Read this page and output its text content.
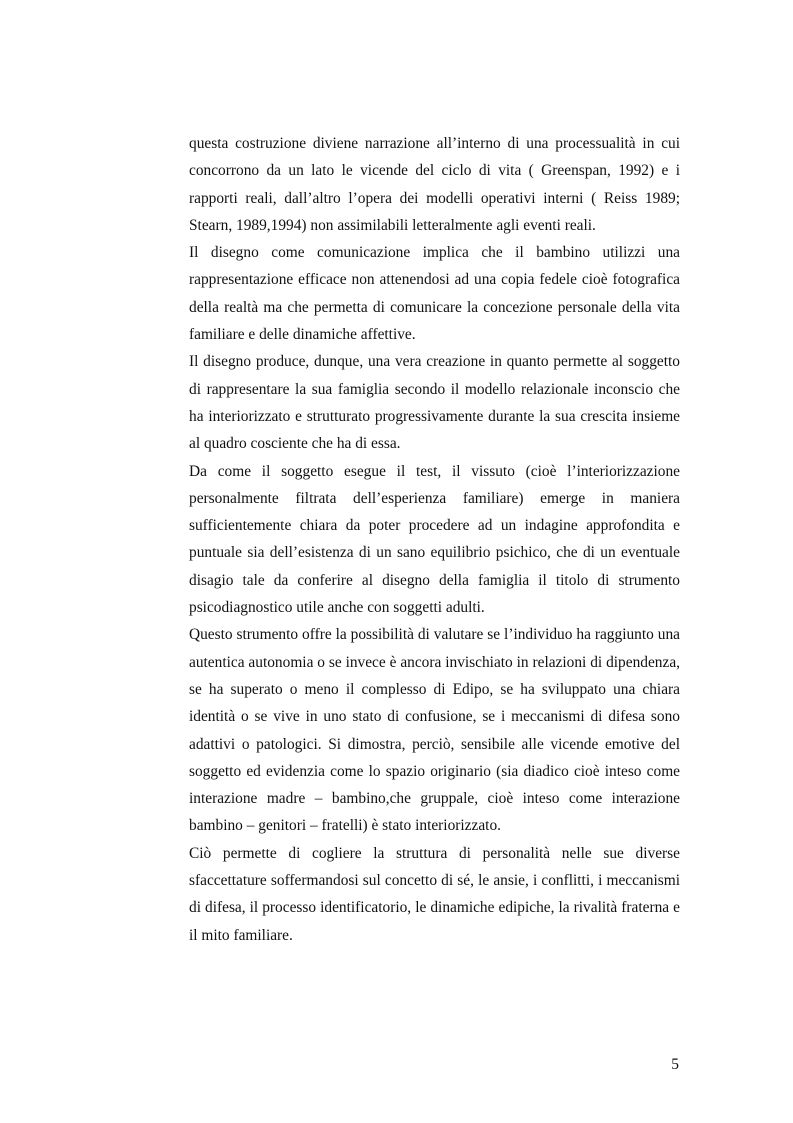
questa costruzione diviene narrazione all’interno di una processualità in cui concorrono da un lato le vicende del ciclo di vita ( Greenspan, 1992) e i rapporti reali, dall’altro l’opera dei modelli operativi interni ( Reiss 1989; Stearn, 1989,1994) non assimilabili letteralmente agli eventi reali.

Il disegno come comunicazione implica che il bambino utilizzi una rappresentazione efficace non attenendosi ad una copia fedele cioè fotografica della realtà ma che permetta di comunicare la concezione personale della vita familiare e delle dinamiche affettive.

Il disegno produce, dunque, una vera creazione in quanto permette al soggetto di rappresentare la sua famiglia secondo il modello relazionale inconscio che ha interiorizzato e strutturato progressivamente durante la sua crescita insieme al quadro cosciente che ha di essa.

Da come il soggetto esegue il test, il vissuto (cioè l’interiorizzazione personalmente filtrata dell’esperienza familiare) emerge in maniera sufficientemente chiara da poter procedere ad un indagine approfondita e puntuale sia dell’esistenza di un sano equilibrio psichico, che di un eventuale disagio tale da conferire al disegno della famiglia il titolo di strumento psicodiagnostico utile anche con soggetti adulti.

Questo strumento offre la possibilità di valutare se l’individuo ha raggiunto una autentica autonomia o se invece è ancora invischiato in relazioni di dipendenza, se ha superato o meno il complesso di Edipo, se ha sviluppato una chiara identità o se vive in uno stato di confusione, se i meccanismi di difesa sono adattivi o patologici. Si dimostra, perciò, sensibile alle vicende emotive del soggetto ed evidenzia come lo spazio originario (sia diadico cioè inteso come interazione madre – bambino,che gruppale, cioè inteso come interazione bambino – genitori – fratelli) è stato interiorizzato.

Ciò permette di cogliere la struttura di personalità nelle sue diverse sfaccettature soffermandosi sul concetto di sé, le ansie, i conflitti, i meccanismi di difesa, il processo identificatorio, le dinamiche edipiche, la rivalità fraterna e il mito familiare.

5
